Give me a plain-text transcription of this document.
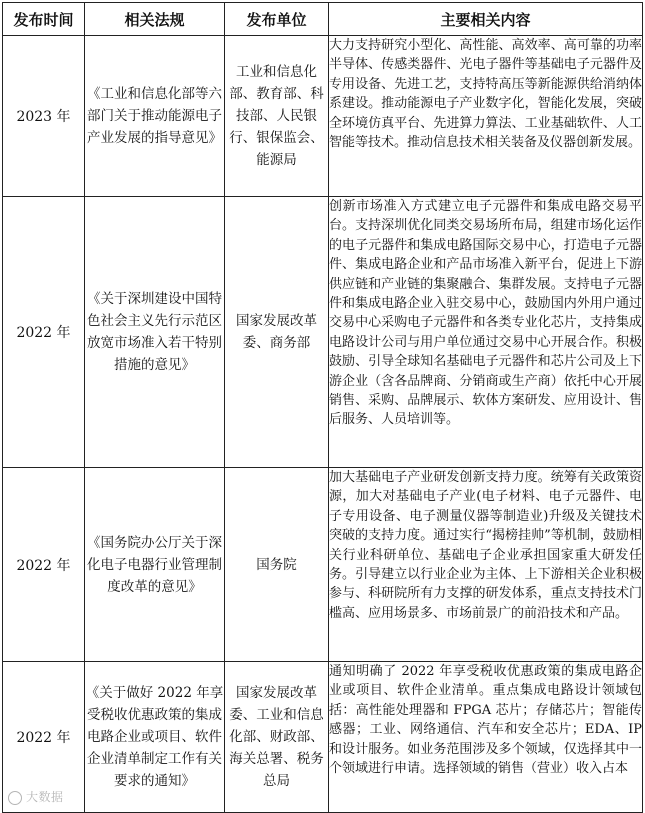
发布时间	相关法规	发布单位	主要相关内容
2023 年	《工业和信息化部等六部门关于推动能源电子产业发展的指导意见》	工业和信息化部、教育部、科技部、人民银行、银保监会、能源局	大力支持研究小型化、高性能、高效率、高可靠的功率半导体、传感类器件、光电子器件等基础电子元器件及专用设备、先进工艺，支持特高压等新能源供给消纳体系建设。推动能源电子产业数字化，智能化发展，突破全环境仿真平台、先进算力算法、工业基础软件、人工智能等技术。推动信息技术相关装备及仪器创新发展。
2022 年	《关于深圳建设中国特色社会主义先行示范区放宽市场准入若干特别措施的意见》	国家发展改革委、商务部	创新市场准入方式建立电子元器件和集成电路交易平台。支持深圳优化同类交易场所布局，组建市场化运作的电子元器件和集成电路国际交易中心，打造电子元器件、集成电路企业和产品市场准入新平台，促进上下游供应链和产业链的集聚融合、集群发展。支持电子元器件和集成电路企业入驻交易中心，鼓励国内外用户通过交易中心采购电子元器件和各类专业化芯片，支持集成电路设计公司与用户单位通过交易中心开展合作。积极鼓励、引导全球知名基础电子元器件和芯片公司及上下游企业（含各品牌商、分销商或生产商）依托中心开展销售、采购、品牌展示、软体方案研发、应用设计、售后服务、人员培训等。
2022 年	《国务院办公厅关于深化电子电器行业管理制度改革的意见》	国务院	加大基础电子产业研发创新支持力度。统筹有关政策资源，加大对基础电子产业(电子材料、电子元器件、电子专用设备、电子测量仪器等制造业)升级及关键技术突破的支持力度。通过实行“揭榜挂帅”等机制，鼓励相关行业科研单位、基础电子企业承担国家重大研发任务。引导建立以行业企业为主体、上下游相关企业积极参与、科研院所有力支撑的研发体系，重点支持技术门槛高、应用场景多、市场前景广的前沿技术和产品。
2022 年	《关于做好 2022 年享受税收优惠政策的集成电路企业或项目、软件企业清单制定工作有关要求的通知》	国家发展改革委、工业和信息化部、财政部、海关总署、税务总局	通知明确了 2022 年享受税收优惠政策的集成电路企业或项目、软件企业清单。重点集成电路设计领域包括：高性能处理器和 FPGA 芯片；存储芯片；智能传感器；工业、网络通信、汽车和安全芯片；EDA、IP 和设计服务。如业务范围涉及多个领域，仅选择其中一个领域进行申请。选择领域的销售（营业）收入占本
大数据
